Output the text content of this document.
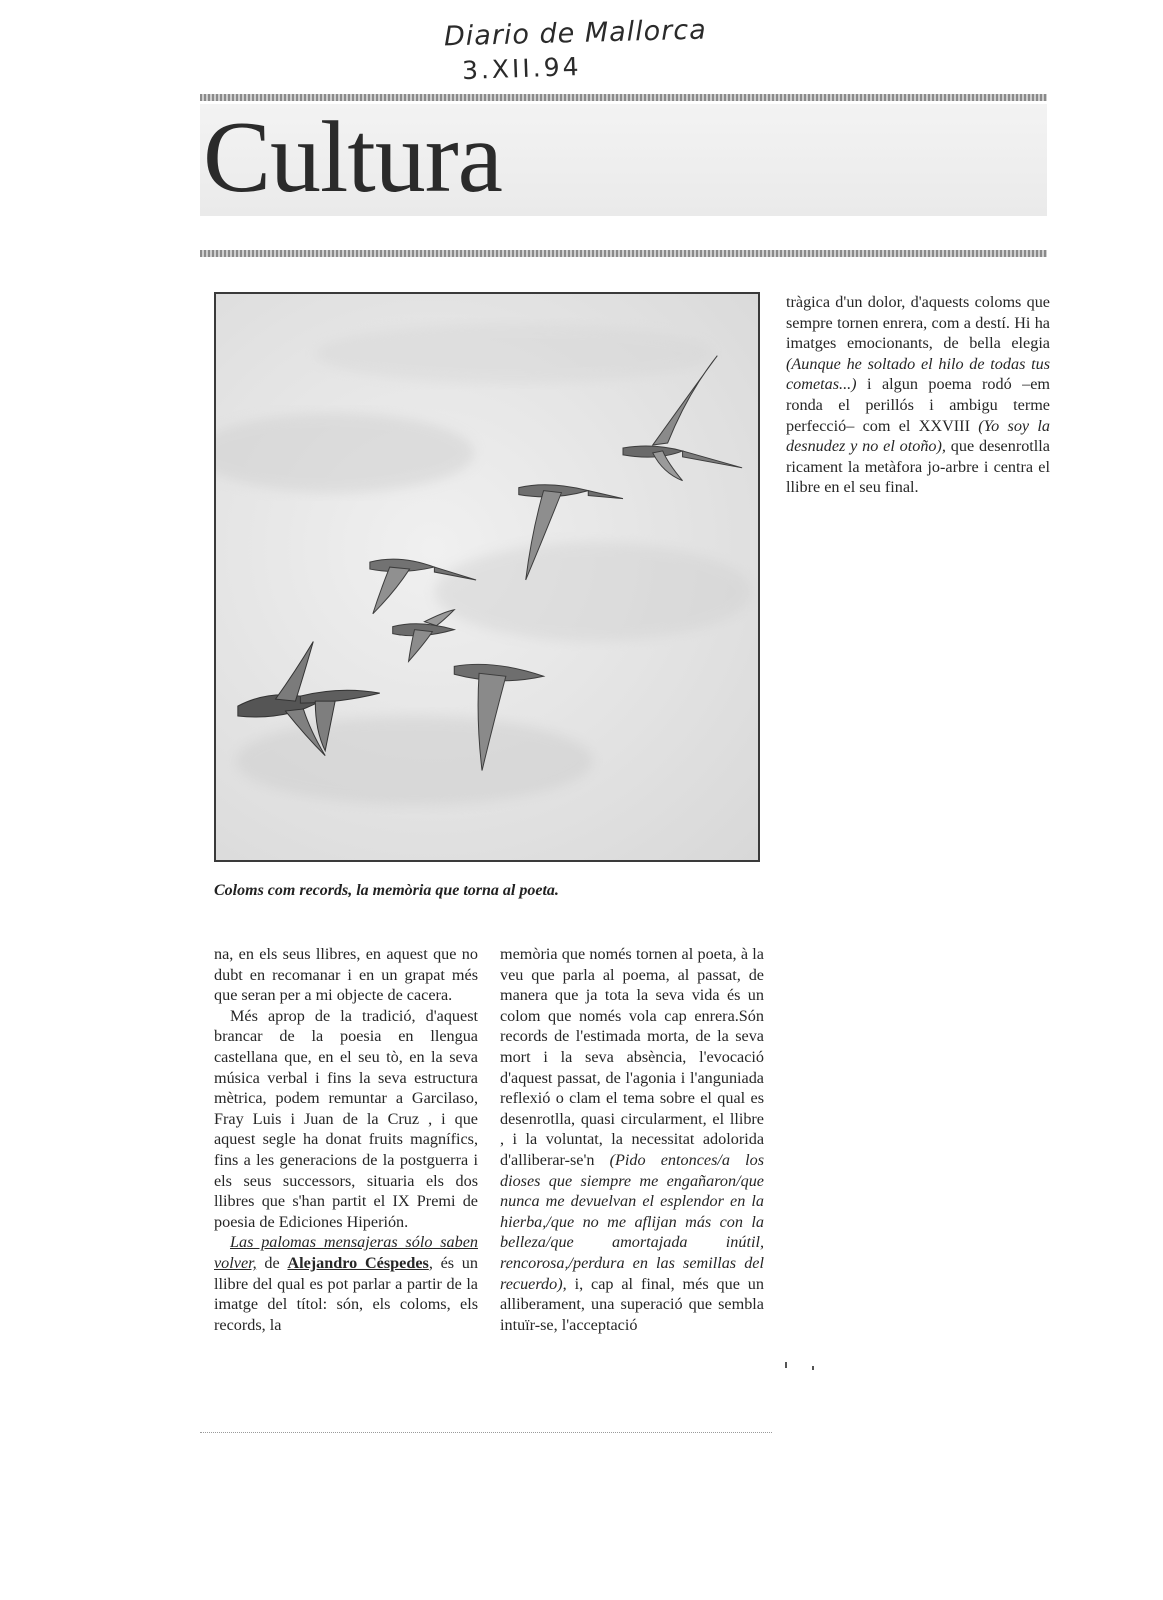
Diario de Mallorca
3.XII.94
Cultura
Coloms com records, la memòria que torna al poeta.

tràgica d'un dolor, d'aquests coloms que sempre tornen enrera, com a destí. Hi ha imatges emocionants, de bella elegia (Aunque he soltado el hilo de todas tus cometas...) i algun poema rodó –em ronda el perillós i ambigu terme perfecció– com el XXVIII (Yo soy la desnudez y no el otoño), que desenrotlla ricament la metàfora jo-arbre i centra el llibre en el seu final.

na, en els seus llibres, en aquest que no dubt en recomanar i en un grapat més que seran per a mi objecte de cacera.

Més aprop de la tradició, d'aquest brancar de la poesia en llengua castellana que, en el seu tò, en la seva música verbal i fins la seva estructura mètrica, podem remuntar a Garcilaso, Fray Luis i Juan de la Cruz , i que aquest segle ha donat fruits magnífics, fins a les generacions de la postguerra i els seus successors, situaria els dos llibres que s'han partit el IX Premi de poesia de Ediciones Hiperión.

Las palomas mensajeras sólo saben volver, de Alejandro Céspedes, és un llibre del qual es pot parlar a partir de la imatge del títol: són, els coloms, els records, la

memòria que només tornen al poeta, à la veu que parla al poema, al passat, de manera que ja tota la seva vida és un colom que només vola cap enrera.Són records de l'estimada morta, de la seva mort i la seva absència, l'evocació d'aquest passat, de l'agonia i l'anguniada reflexió o clam el tema sobre el qual es desenrotlla, quasi circularment, el llibre , i la voluntat, la necessitat adolorida d'alliberar-se'n (Pido entonces/a los dioses que siempre me engañaron/que nunca me devuelvan el esplendor en la hierba,/que no me aflijan más con la belleza/que amortajada inútil, rencorosa,/perdura en las semillas del recuerdo), i, cap al final, més que un alliberament, una superació que sembla intuïr-se, l'acceptació
